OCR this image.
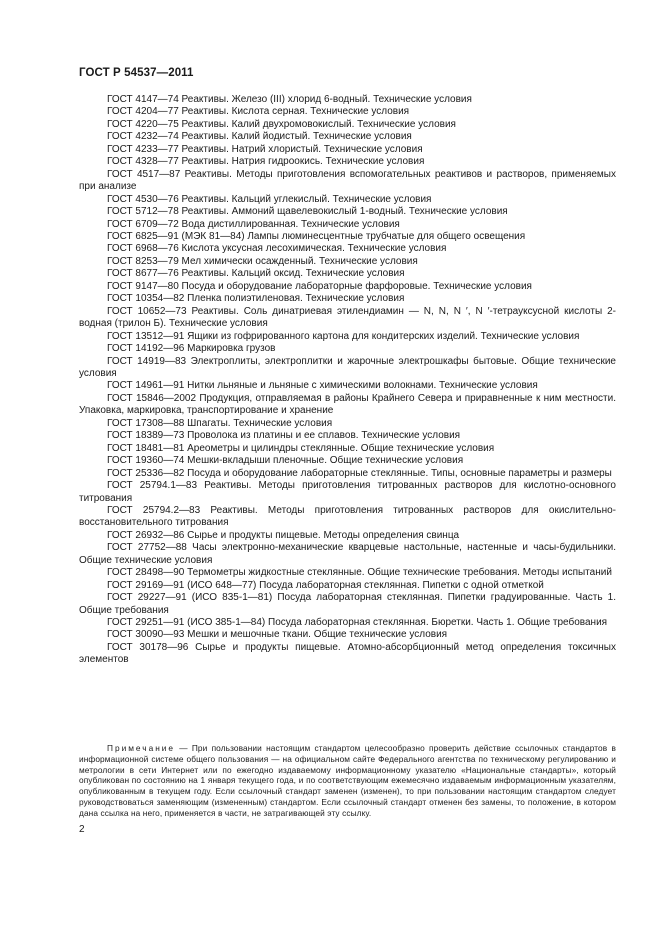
ГОСТ Р 54537—2011

ГОСТ 4147—74 Реактивы. Железо (III) хлорид 6-водный. Технические условия

ГОСТ 4204—77 Реактивы. Кислота серная. Технические условия

ГОСТ 4220—75 Реактивы. Калий двухромовокислый. Технические условия

ГОСТ 4232—74 Реактивы. Калий йодистый. Технические условия

ГОСТ 4233—77 Реактивы. Натрий хлористый. Технические условия

ГОСТ 4328—77 Реактивы. Натрия гидроокись. Технические условия

ГОСТ 4517—87 Реактивы. Методы приготовления вспомогательных реактивов и растворов, применяемых при анализе

ГОСТ 4530—76 Реактивы. Кальций углекислый. Технические условия

ГОСТ 5712—78 Реактивы. Аммоний щавелевокислый 1-водный. Технические условия

ГОСТ 6709—72 Вода дистиллированная. Технические условия

ГОСТ 6825—91 (МЭК 81—84) Лампы люминесцентные трубчатые для общего освещения

ГОСТ 6968—76 Кислота уксусная лесохимическая. Технические условия

ГОСТ 8253—79 Мел химически осажденный. Технические условия

ГОСТ 8677—76 Реактивы. Кальций оксид. Технические условия

ГОСТ 9147—80 Посуда и оборудование лабораторные фарфоровые. Технические условия

ГОСТ 10354—82 Пленка полиэтиленовая. Технические условия

ГОСТ 10652—73 Реактивы. Соль динатриевая этилендиамин — N, N, N ′, N ′-тетрауксусной кислоты 2-водная (трилон Б). Технические условия

ГОСТ 13512—91 Ящики из гофрированного картона для кондитерских изделий. Технические условия

ГОСТ 14192—96 Маркировка грузов

ГОСТ 14919—83 Электроплиты, электроплитки и жарочные электрошкафы бытовые. Общие технические условия

ГОСТ 14961—91 Нитки льняные и льняные с химическими волокнами. Технические условия

ГОСТ 15846—2002 Продукция, отправляемая в районы Крайнего Севера и приравненные к ним местности. Упаковка, маркировка, транспортирование и хранение

ГОСТ 17308—88 Шпагаты. Технические условия

ГОСТ 18389—73 Проволока из платины и ее сплавов. Технические условия

ГОСТ 18481—81 Ареометры и цилиндры стеклянные. Общие технические условия

ГОСТ 19360—74 Мешки-вкладыши пленочные. Общие технические условия

ГОСТ 25336—82 Посуда и оборудование лабораторные стеклянные. Типы, основные параметры и размеры

ГОСТ 25794.1—83 Реактивы. Методы приготовления титрованных растворов для кислотно-основного титрования

ГОСТ 25794.2—83 Реактивы. Методы приготовления титрованных растворов для окислительно-восстановительного титрования

ГОСТ 26932—86 Сырье и продукты пищевые. Методы определения свинца

ГОСТ 27752—88 Часы электронно-механические кварцевые настольные, настенные и часы-будильники. Общие технические условия

ГОСТ 28498—90 Термометры жидкостные стеклянные. Общие технические требования. Методы испытаний

ГОСТ 29169—91 (ИСО 648—77) Посуда лабораторная стеклянная. Пипетки с одной отметкой

ГОСТ 29227—91 (ИСО 835-1—81) Посуда лабораторная стеклянная. Пипетки градуированные. Часть 1. Общие требования

ГОСТ 29251—91 (ИСО 385-1—84) Посуда лабораторная стеклянная. Бюретки. Часть 1. Общие требования

ГОСТ 30090—93 Мешки и мешочные ткани. Общие технические условия

ГОСТ 30178—96 Сырье и продукты пищевые. Атомно-абсорбционный метод определения токсичных элементов

Примечание — При пользовании настоящим стандартом целесообразно проверить действие ссылочных стандартов в информационной системе общего пользования — на официальном сайте Федерального агентства по техническому регулированию и метрологии в сети Интернет или по ежегодно издаваемому информационному указателю «Национальные стандарты», который опубликован по состоянию на 1 января текущего года, и по соответствующим ежемесячно издаваемым информационным указателям, опубликованным в текущем году. Если ссылочный стандарт заменен (изменен), то при пользовании настоящим стандартом следует руководствоваться заменяющим (измененным) стандартом. Если ссылочный стандарт отменен без замены, то положение, в котором дана ссылка на него, применяется в части, не затрагивающей эту ссылку.
2
